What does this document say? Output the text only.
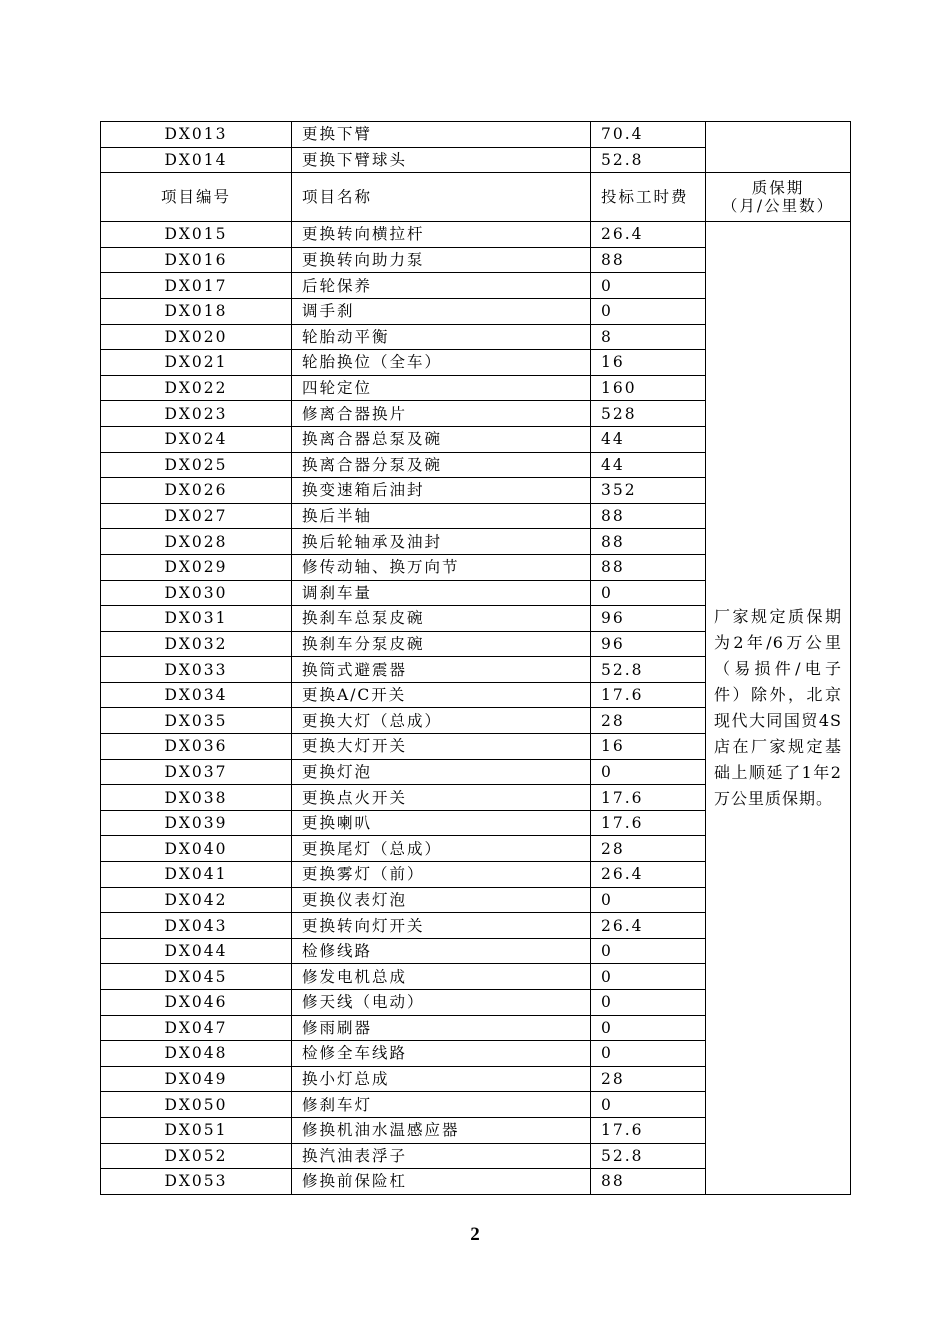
DX013	更换下臂	70.4	
DX014	更换下臂球头	52.8	
项目编号	项目名称	投标工时费	质保期
（月/公里数）

DX015	更换转向横拉杆	26.4	厂家规定质保期为2年/6万公里（易损件/电子件）除外，北京现代大同国贸4S店在厂家规定基础上顺延了1年2万公里质保期。

DX016	更换转向助力泵	88	
DX017	后轮保养	0	
DX018	调手刹	0	
DX020	轮胎动平衡	8	
DX021	轮胎换位（全车）	16	
DX022	四轮定位	160	
DX023	修离合器换片	528	
DX024	换离合器总泵及碗	44	
DX025	换离合器分泵及碗	44	
DX026	换变速箱后油封	352	
DX027	换后半轴	88	
DX028	换后轮轴承及油封	88	
DX029	修传动轴、换万向节	88	
DX030	调刹车量	0	
DX031	换刹车总泵皮碗	96	
DX032	换刹车分泵皮碗	96	
DX033	换筒式避震器	52.8	
DX034	更换A/C开关	17.6	
DX035	更换大灯（总成）	28	
DX036	更换大灯开关	16	
DX037	更换灯泡	0	
DX038	更换点火开关	17.6	
DX039	更换喇叭	17.6	
DX040	更换尾灯（总成）	28	
DX041	更换雾灯（前）	26.4	
DX042	更换仪表灯泡	0	
DX043	更换转向灯开关	26.4	
DX044	检修线路	0	
DX045	修发电机总成	0	
DX046	修天线（电动）	0	
DX047	修雨刷器	0	
DX048	检修全车线路	0	
DX049	换小灯总成	28	
DX050	修刹车灯	0	
DX051	修换机油水温感应器	17.6	
DX052	换汽油表浮子	52.8	
DX053	修换前保险杠	88	
2
